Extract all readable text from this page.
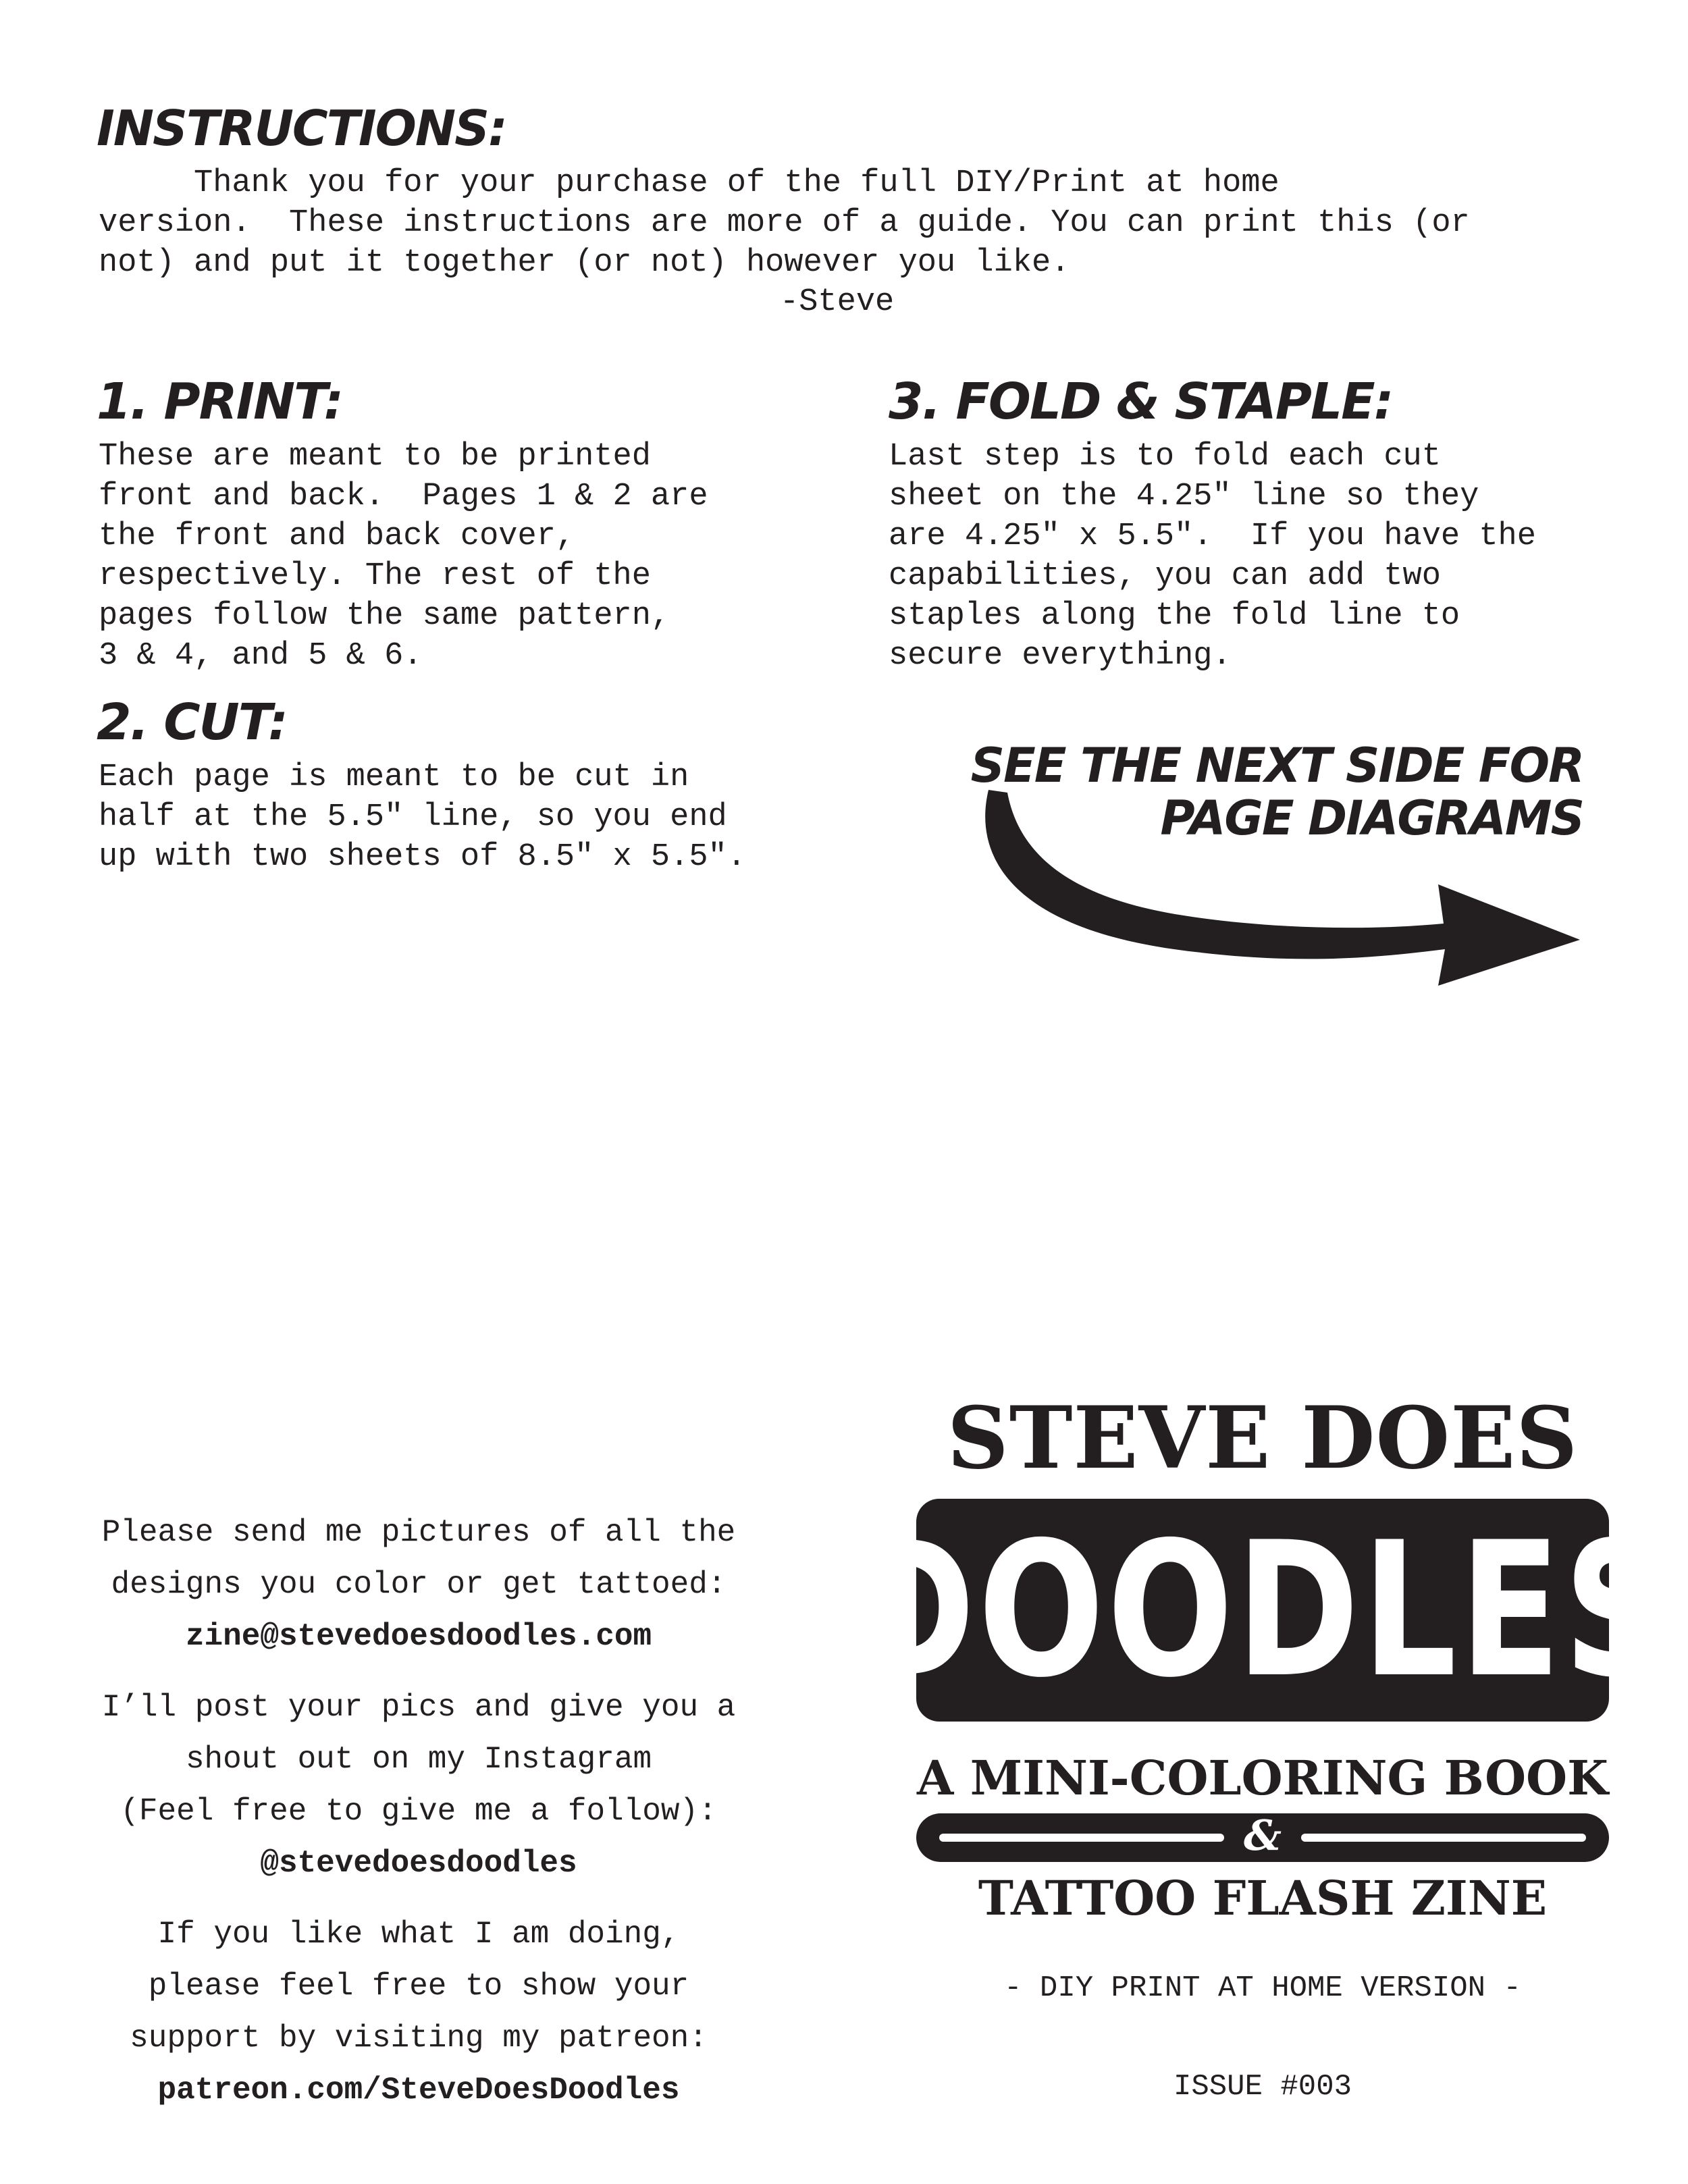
INSTRUCTIONS:
Thank you for your purchase of the full DIY/Print at home
version.  These instructions are more of a guide. You can print this (or
not) and put it together (or not) however you like.
-Steve
1. PRINT:
These are meant to be printed
front and back.  Pages 1 & 2 are
the front and back cover,
respectively. The rest of the
pages follow the same pattern,
3 & 4, and 5 & 6.
2. CUT:
Each page is meant to be cut in
half at the 5.5″ line, so you end
up with two sheets of 8.5″ x 5.5″.
3. FOLD & STAPLE:
Last step is to fold each cut
sheet on the 4.25″ line so they
are 4.25″ x 5.5″.  If you have the
capabilities, you can add two
staples along the fold line to
secure everything.
SEE THE NEXT SIDE FOR
PAGE DIAGRAMS
Please send me pictures of all the
designs you color or get tattoed:
zine@stevedoesdoodles.com
I’ll post your pics and give you a
shout out on my Instagram
(Feel free to give me a follow):
@stevedoesdoodles
If you like what I am doing,
please feel free to show your
support by visiting my patreon:
patreon.com/SteveDoesDoodles
STEVE DOES
DOODLES
A MINI-COLORING BOOK
&
TATTOO FLASH ZINE
- DIY PRINT AT HOME VERSION -
ISSUE #003
